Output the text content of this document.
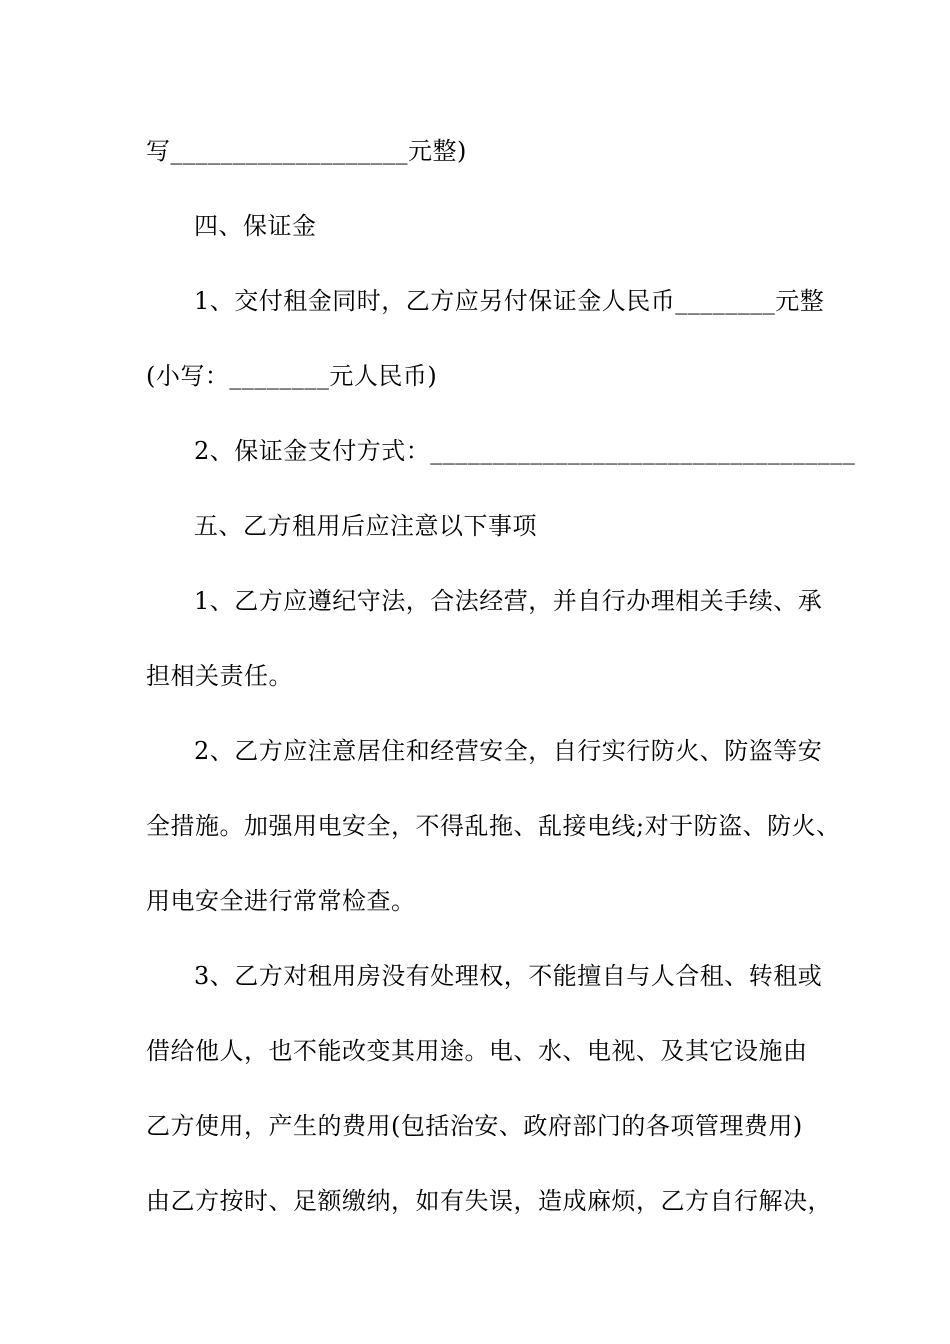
写___________________元整)
四、保证金
1、交付租金同时，乙方应另付保证金人民币________元整
(小写：________元人民币)
2、保证金支付方式：__________________________________
五、乙方租用后应注意以下事项
1、乙方应遵纪守法，合法经营，并自行办理相关手续、承
担相关责任。
2、乙方应注意居住和经营安全，自行实行防火、防盗等安
全措施。加强用电安全，不得乱拖、乱接电线;对于防盗、防火、
用电安全进行常常检查。
3、乙方对租用房没有处理权，不能擅自与人合租、转租或
借给他人，也不能改变其用途。电、水、电视、及其它设施由
乙方使用，产生的费用(包括治安、政府部门的各项管理费用)
由乙方按时、足额缴纳，如有失误，造成麻烦，乙方自行解决，
